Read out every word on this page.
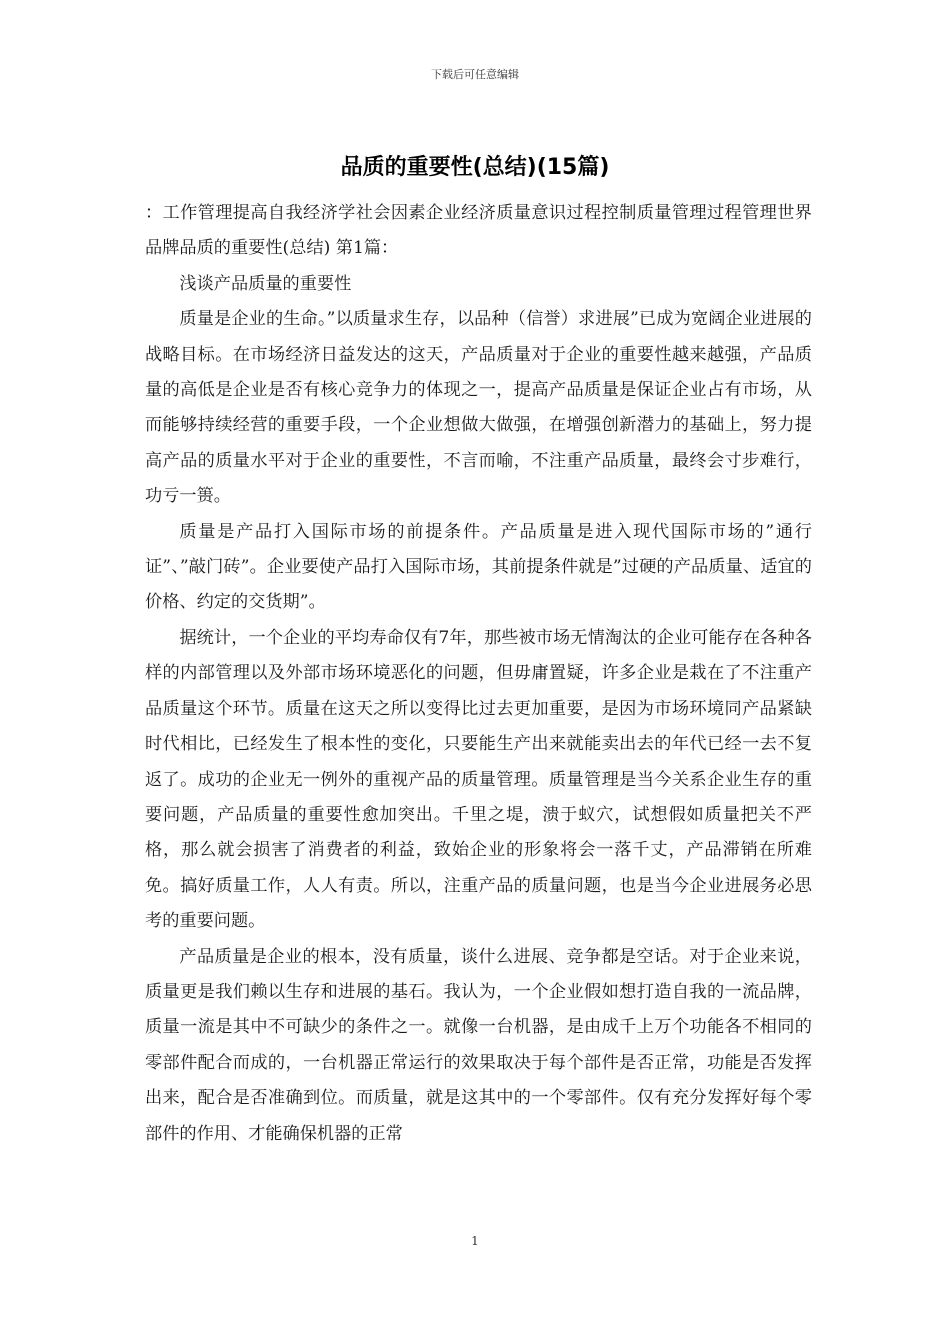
下载后可任意编辑
品质的重要性(总结)(15篇)

：工作管理提高自我经济学社会因素企业经济质量意识过程控制质量管理过程管理世界品牌品质的重要性(总结) 第1篇：

浅谈产品质量的重要性

质量是企业的生命。”以质量求生存，以品种（信誉）求进展”已成为宽阔企业进展的战略目标。在市场经济日益发达的这天，产品质量对于企业的重要性越来越强，产品质量的高低是企业是否有核心竞争力的体现之一，提高产品质量是保证企业占有市场，从而能够持续经营的重要手段，一个企业想做大做强，在增强创新潜力的基础上，努力提高产品的质量水平对于企业的重要性，不言而喻，不注重产品质量，最终会寸步难行，功亏一篑。

质量是产品打入国际市场的前提条件。产品质量是进入现代国际市场的”通行证”、”敲门砖”。企业要使产品打入国际市场，其前提条件就是”过硬的产品质量、适宜的价格、约定的交货期”。

据统计，一个企业的平均寿命仅有7年，那些被市场无情淘汰的企业可能存在各种各样的内部管理以及外部市场环境恶化的问题，但毋庸置疑，许多企业是栽在了不注重产品质量这个环节。质量在这天之所以变得比过去更加重要，是因为市场环境同产品紧缺时代相比，已经发生了根本性的变化，只要能生产出来就能卖出去的年代已经一去不复返了。成功的企业无一例外的重视产品的质量管理。质量管理是当今关系企业生存的重要问题，产品质量的重要性愈加突出。千里之堤，溃于蚁穴，试想假如质量把关不严格，那么就会损害了消费者的利益，致始企业的形象将会一落千丈，产品滞销在所难免。搞好质量工作，人人有责。所以，注重产品的质量问题，也是当今企业进展务必思考的重要问题。

产品质量是企业的根本，没有质量，谈什么进展、竞争都是空话。对于企业来说，质量更是我们赖以生存和进展的基石。我认为，一个企业假如想打造自我的一流品牌，质量一流是其中不可缺少的条件之一。就像一台机器，是由成千上万个功能各不相同的零部件配合而成的，一台机器正常运行的效果取决于每个部件是否正常，功能是否发挥出来，配合是否准确到位。而质量，就是这其中的一个零部件。仅有充分发挥好每个零部件的作用、才能确保机器的正常

1
